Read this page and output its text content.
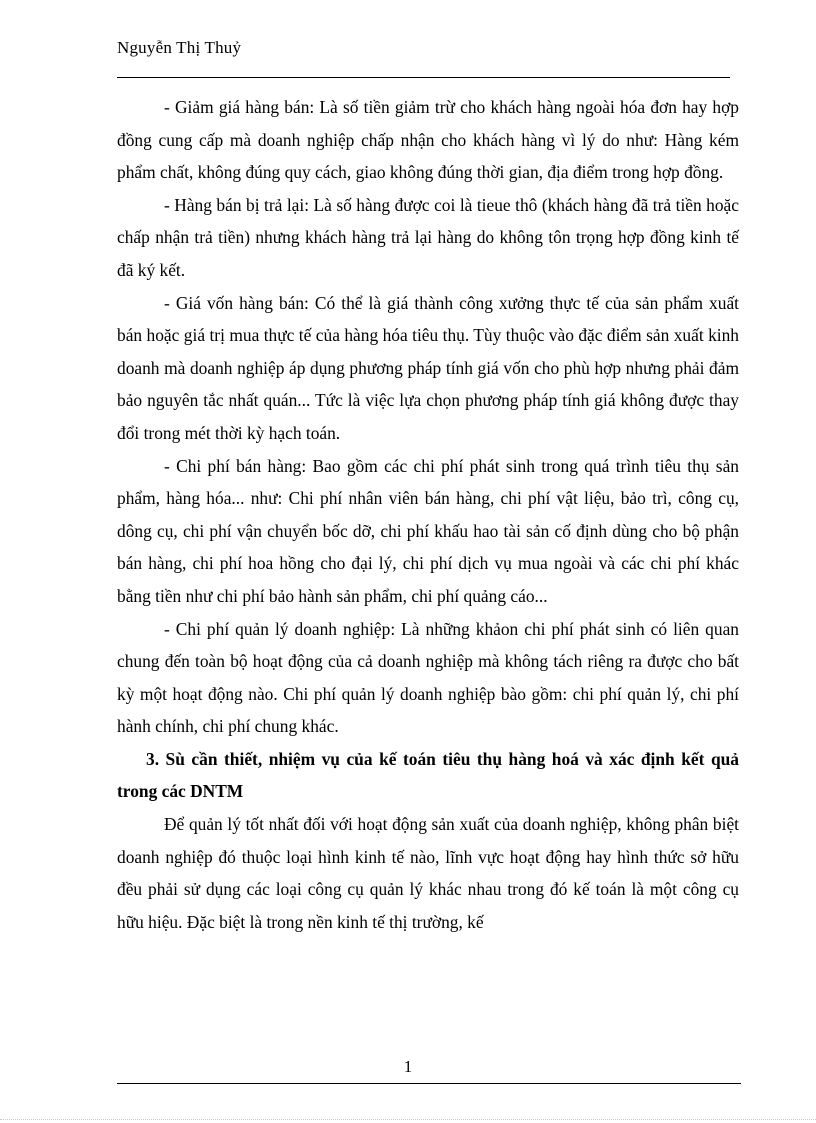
Nguyễn Thị Thuỷ

- Giảm giá hàng bán: Là số tiền giảm trừ cho khách hàng ngoài hóa đơn hay hợp đồng cung cấp mà doanh nghiệp chấp nhận cho khách hàng vì lý do như: Hàng kém phẩm chất, không đúng quy cách, giao không đúng thời gian, địa điểm trong hợp đồng.

- Hàng bán bị trả lại: Là số hàng được coi là tieue thô (khách hàng đã trả tiền hoặc chấp nhận trả tiền) nhưng khách hàng trả lại hàng do không tôn trọng hợp đồng kinh tế đã ký kết.

- Giá vốn hàng bán: Có thể là giá thành công xưởng thực tế của sản phẩm xuất bán hoặc giá trị mua thực tế của hàng hóa tiêu thụ. Tùy thuộc vào đặc điểm sản xuất kinh doanh mà doanh nghiệp áp dụng phương pháp tính giá vốn cho phù hợp nhưng phải đảm bảo nguyên tắc nhất quán... Tức là việc lựa chọn phương pháp tính giá không được thay đổi trong mét thời kỳ hạch toán.

- Chi phí bán hàng: Bao gồm các chi phí phát sinh trong quá trình tiêu thụ sản phẩm, hàng hóa... như: Chi phí nhân viên bán hàng, chi phí vật liệu, bảo trì, công cụ, dông cụ, chi phí vận chuyển bốc dỡ, chi phí khấu hao tài sản cố định dùng cho bộ phận bán hàng, chi phí hoa hồng cho đại lý, chi phí dịch vụ mua ngoài và các chi phí khác bằng tiền như chi phí bảo hành sản phẩm, chi phí quảng cáo...

- Chi phí quản lý doanh nghiệp: Là những khảon chi phí phát sinh có liên quan chung đến toàn bộ hoạt động của cả doanh nghiệp mà không tách riêng ra được cho bất kỳ một hoạt động nào. Chi phí quản lý doanh nghiệp bào gồm: chi phí quản lý, chi phí hành chính, chi phí chung khác.

3. Sù cần thiết, nhiệm vụ của kế toán tiêu thụ hàng hoá và xác định kết quả trong các DNTM

Để quản lý tốt nhất đối với hoạt động sản xuất của doanh nghiệp, không phân biệt doanh nghiệp đó thuộc loại hình kinh tế nào, lĩnh vực hoạt động hay hình thức sở hữu đều phải sử dụng các loại công cụ quản lý khác nhau trong đó kế toán là một công cụ hữu hiệu. Đặc biệt là trong nền kinh tế thị trường, kế

1
